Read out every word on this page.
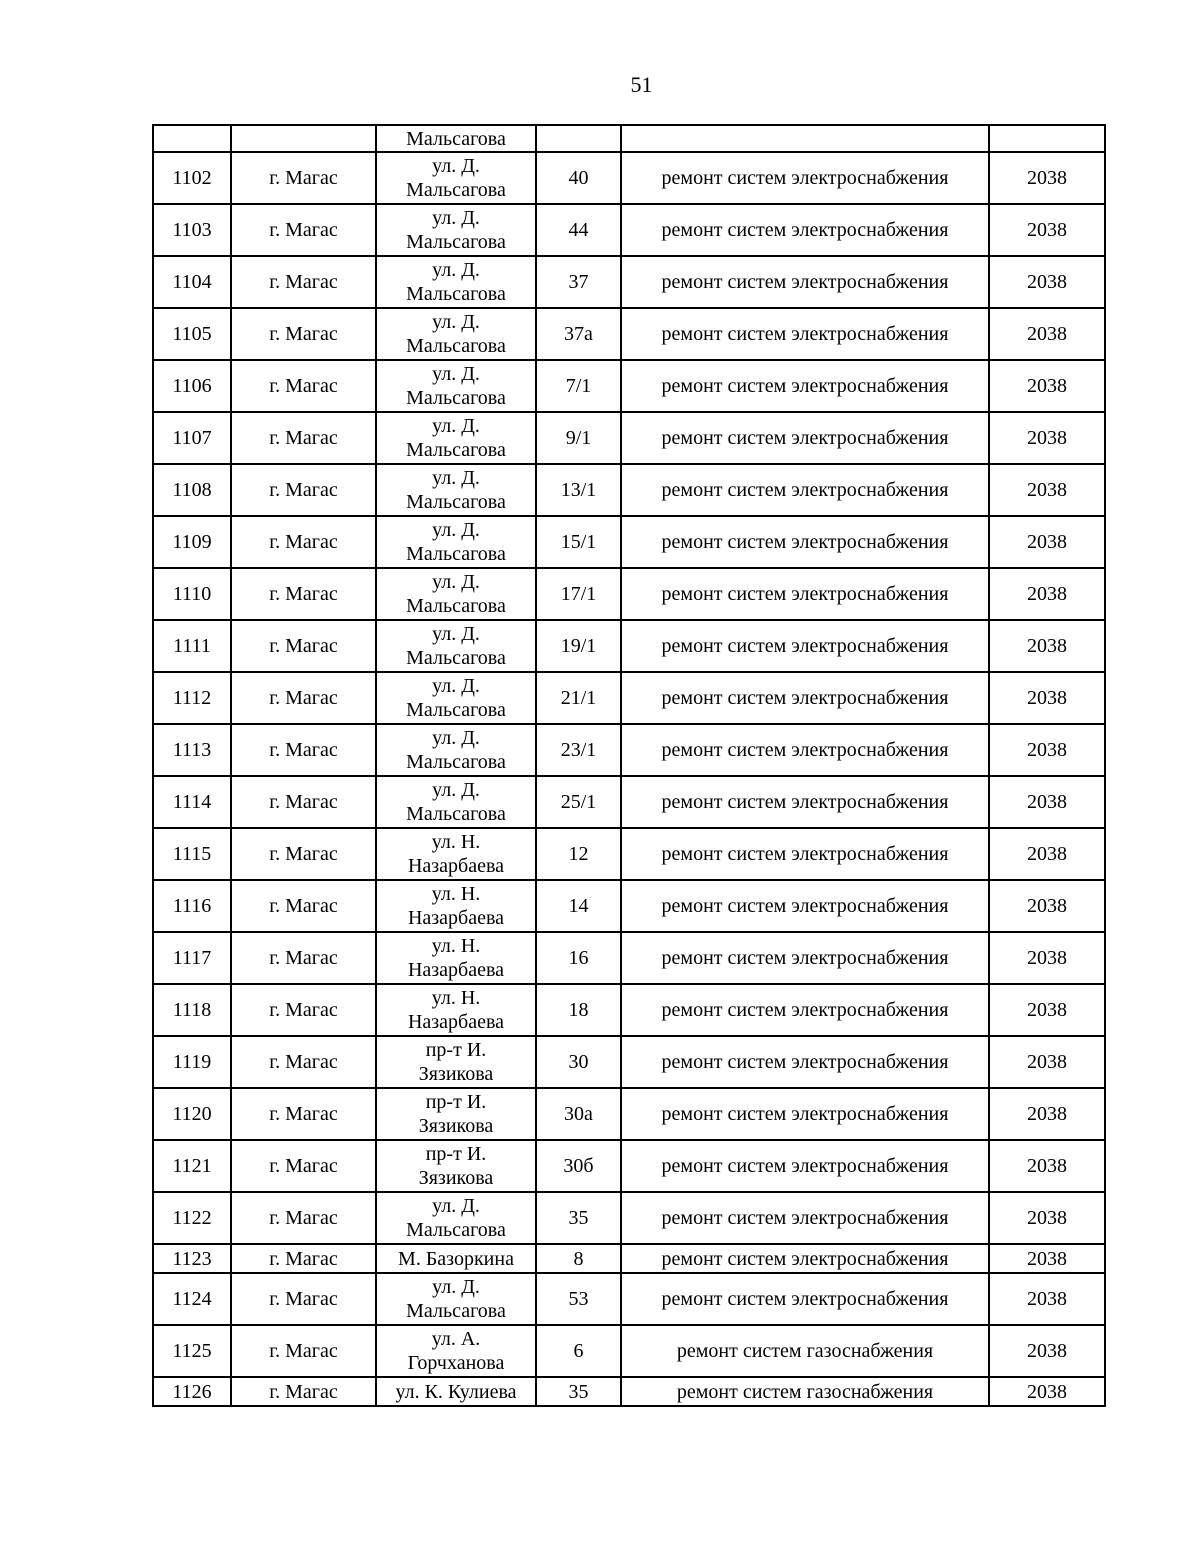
51
		Мальсагова			
1102	г. Магас	ул. Д.
Мальсагова	40	ремонт систем электроснабжения	2038
1103	г. Магас	ул. Д.
Мальсагова	44	ремонт систем электроснабжения	2038
1104	г. Магас	ул. Д.
Мальсагова	37	ремонт систем электроснабжения	2038
1105	г. Магас	ул. Д.
Мальсагова	37а	ремонт систем электроснабжения	2038
1106	г. Магас	ул. Д.
Мальсагова	7/1	ремонт систем электроснабжения	2038
1107	г. Магас	ул. Д.
Мальсагова	9/1	ремонт систем электроснабжения	2038
1108	г. Магас	ул. Д.
Мальсагова	13/1	ремонт систем электроснабжения	2038
1109	г. Магас	ул. Д.
Мальсагова	15/1	ремонт систем электроснабжения	2038
1110	г. Магас	ул. Д.
Мальсагова	17/1	ремонт систем электроснабжения	2038
1111	г. Магас	ул. Д.
Мальсагова	19/1	ремонт систем электроснабжения	2038
1112	г. Магас	ул. Д.
Мальсагова	21/1	ремонт систем электроснабжения	2038
1113	г. Магас	ул. Д.
Мальсагова	23/1	ремонт систем электроснабжения	2038
1114	г. Магас	ул. Д.
Мальсагова	25/1	ремонт систем электроснабжения	2038
1115	г. Магас	ул. Н.
Назарбаева	12	ремонт систем электроснабжения	2038
1116	г. Магас	ул. Н.
Назарбаева	14	ремонт систем электроснабжения	2038
1117	г. Магас	ул. Н.
Назарбаева	16	ремонт систем электроснабжения	2038
1118	г. Магас	ул. Н.
Назарбаева	18	ремонт систем электроснабжения	2038
1119	г. Магас	пр-т И.
Зязикова	30	ремонт систем электроснабжения	2038
1120	г. Магас	пр-т И.
Зязикова	30а	ремонт систем электроснабжения	2038
1121	г. Магас	пр-т И.
Зязикова	30б	ремонт систем электроснабжения	2038
1122	г. Магас	ул. Д.
Мальсагова	35	ремонт систем электроснабжения	2038
1123	г. Магас	М. Базоркина	8	ремонт систем электроснабжения	2038
1124	г. Магас	ул. Д.
Мальсагова	53	ремонт систем электроснабжения	2038
1125	г. Магас	ул. А.
Горчханова	6	ремонт систем газоснабжения	2038
1126	г. Магас	ул. К. Кулиева	35	ремонт систем газоснабжения	2038
